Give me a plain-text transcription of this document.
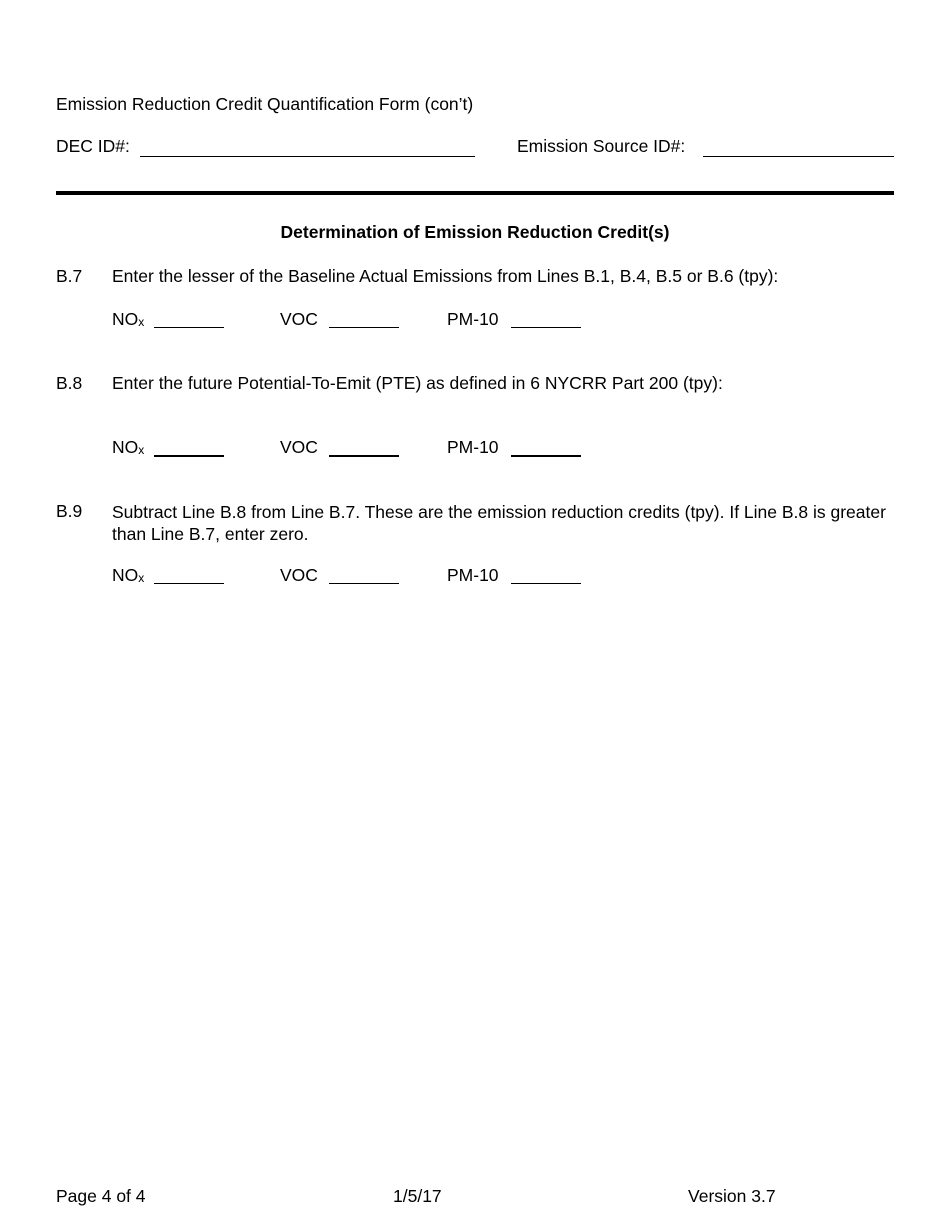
Emission Reduction Credit Quantification Form (con’t)
DEC ID#:	Emission Source ID#:
Determination of Emission Reduction Credit(s)
B.7 Enter the lesser of the Baseline Actual Emissions from Lines B.1, B.4, B.5 or B.6 (tpy):
NOx	VOC	PM-10
B.8 Enter the future Potential-To-Emit (PTE) as defined in 6 NYCRR Part 200 (tpy):
NOx	VOC	PM-10
B.9 Subtract Line B.8 from Line B.7. These are the emission reduction credits (tpy). If Line B.8 is greater than Line B.7, enter zero.
NOx	VOC	PM-10
Page 4 of 4	1/5/17	Version 3.7
